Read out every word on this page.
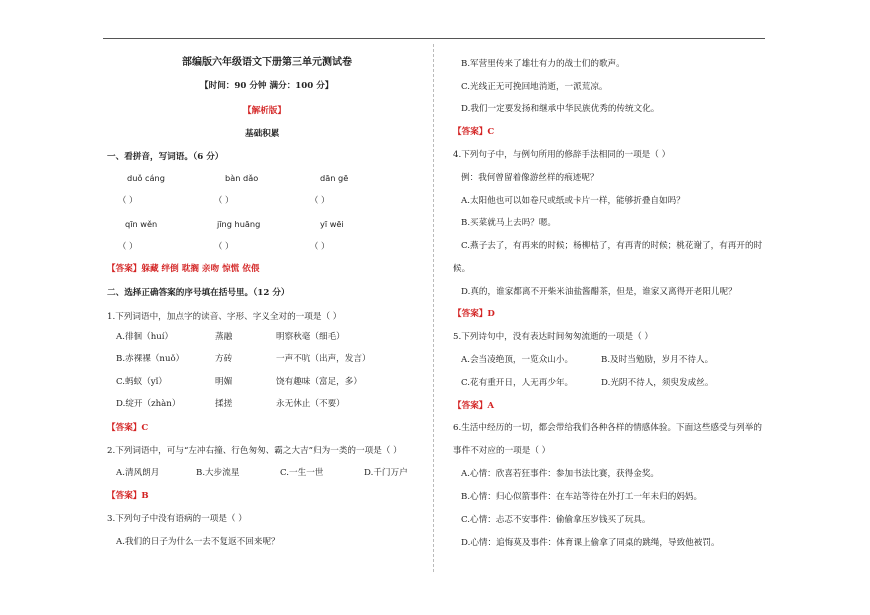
部编版六年级语文下册第三单元测试卷
【时间：90 分钟 满分：100 分】
【解析版】
基础积累
一、看拼音，写词语。（6 分）
duǒ cáng	bàn dǎo	dān gē
（ ）	（ ）	（ ）
qīn wěn	jīng huāng	yī wēi
（ ）	（ ）	（ ）
【答案】躲藏 绊倒 耽搁 亲吻 惊慌 依偎
二、选择正确答案的序号填在括号里。（12 分）
1.下列词语中，加点字的读音、字形、字义全对的一项是（ ）
A.徘徊（huí）	蒸融	明察秋毫（细毛）
B.赤裸裸（nuǒ）	方砖	一声不吭（出声，发言）
C.蚂蚁（yǐ）	明媚	饶有趣味（富足，多）
D.绽开（zhàn）	揉搓	永无休止（不要）
【答案】C
2.下列词语中，可与“左冲右撞、行色匆匆、霸之大吉”归为一类的一项是（ ）
A.清风朗月	B.大步流星	C.一生一世	D.千门万户
【答案】B
3.下列句子中没有语病的一项是（ ）
A.我们的日子为什么一去不复返不回来呢？
B.军营里传来了雄壮有力的战士们的歌声。
C.光线正无可挽回地消逝，一派荒凉。
D.我们一定要发扬和继承中华民族优秀的传统文化。
【答案】C
4.下列句子中，与例句所用的修辞手法相同的一项是（ ）
例：我何曾留着像游丝样的痕迹呢？
A.太阳他也可以如卷尺或纸或卡片一样，能够折叠自如吗？
B.买菜就马上去吗？嗯。
C.燕子去了，有再来的时候；杨柳枯了，有再青的时候；桃花谢了，有再开的时
候。
D.真的，谁家都离不开柴米油盐酱醋茶，但是，谁家又离得开老阳儿呢？
【答案】D
5.下列诗句中，没有表达时间匆匆流逝的一项是（ ）
A.会当凌绝顶，一览众山小。	B.及时当勉励，岁月不待人。
C.花有重开日，人无再少年。	D.光阴不待人，须臾发成丝。
【答案】A
6.生活中经历的一切，都会带给我们各种各样的情感体验。下面这些感受与列举的
事件不对应的一项是（ ）
A.心情：欣喜若狂事件：参加书法比赛，获得金奖。
B.心情：归心似箭事件：在车站等待在外打工一年未归的妈妈。
C.心情：忐忑不安事件：偷偷拿压岁钱买了玩具。
D.心情：追悔莫及事件：体育课上偷拿了同桌的跳绳，导致他被罚。
